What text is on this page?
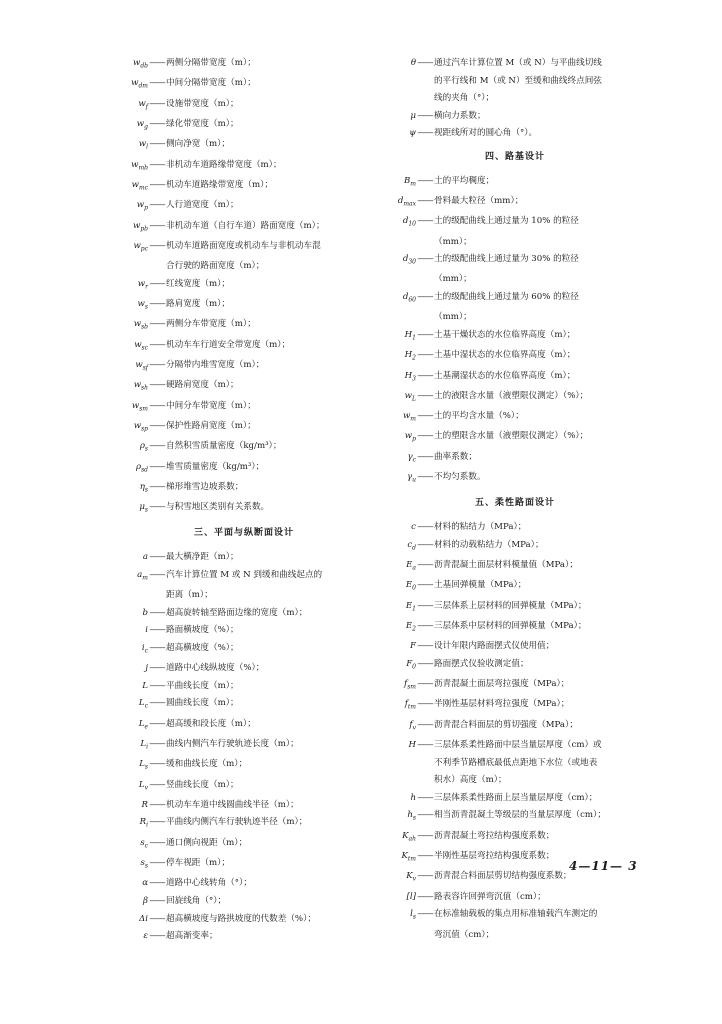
$w_{db}——$两侧分隔带宽度（m）；
$w_{dm}——$中间分隔带宽度（m）；
$w_f——$设施带宽度（m）；
$w_g——$绿化带宽度（m）；
$w_l——$侧向净宽（m）；
$w_{mb}——$非机动车道路缘带宽度（m）；
$w_{mc}——$机动车道路缘带宽度（m）；
$w_p——$人行道宽度（m）；
$w_{pb}——$非机动车道（自行车道）路面宽度（m）；
$w_{pc}——$机动车道路面宽度或机动车与非机动车混
合行驶的路面宽度（m）；
$w_r——$红线宽度（m）；
$w_s——$路肩宽度（m）；
$w_{sb}——$两侧分车带宽度（m）；
$w_{sc}——$机动车车行道安全带宽度（m）；
$w_{sf}——$分隔带内堆雪宽度（m）；
$w_{sh}——$硬路肩宽度（m）；
$w_{sm}——$中间分车带宽度（m）；
$w_{sp}——$保护性路肩宽度（m）；
$\rho_s——$自然积雪质量密度（kg/m³）；
$\rho_{sd}——$堆雪质量密度（kg/m³）；
$\eta_s——$梯形堆雪边坡系数；
$\mu_s——$与积雪地区类别有关系数。
三、平面与纵断面设计
a——最大横净距（m）；
$a_m——$汽车计算位置 M 或 N 到缓和曲线起点的
距离（m）；
b——超高旋转轴至路面边缘的宽度（m）；
i——路面横坡度（%）；
$i_c——$超高横坡度（%）；
j——道路中心线纵坡度（%）；
L——平曲线长度（m）；
$L_c——$圆曲线长度（m）；
$L_e——$超高缓和段长度（m）；
$L_i——$曲线内侧汽车行驶轨迹长度（m）；
$L_s——$缓和曲线长度（m）；
$L_v——$竖曲线长度（m）；
R——机动车车道中线圆曲线半径（m）；
$R_i——$平曲线内侧汽车行驶轨迹半径（m）；
$s_c——$通口侧向视距（m）；
$s_s——$停车视距（m）；
α——道路中心线转角（°）；
β——回旋线角（°）；
Δi——超高横坡度与路拱坡度的代数差（%）；
ε——超高渐变率；
θ——通过汽车计算位置 M（或 N）与平曲线切线
的平行线和 M（或 N）至缓和曲线终点间弦
线的夹角（°）；
μ——横向力系数；
ψ——视距线所对的圆心角（°）。
四、路基设计
$B_m——$土的平均稠度；
$d_{max}——$骨料最大粒径（mm）；
$d_{10}——$土的级配曲线上通过量为 10% 的粒径
（mm）；
$d_{30}——$土的级配曲线上通过量为 30% 的粒径
（mm）；
$d_{60}——$土的级配曲线上通过量为 60% 的粒径
（mm）；
$H_1——$土基干燥状态的水位临界高度（m）；
$H_2——$土基中湿状态的水位临界高度（m）；
$H_3——$土基潮湿状态的水位临界高度（m）；
$w_L——$土的液限含水量（液塑限仪测定）（%）；
$w_m——$土的平均含水量（%）；
$w_p——$土的塑限含水量（液塑限仪测定）（%）；
$\gamma_c——$曲率系数；
$\gamma_u——$不均匀系数。
五、柔性路面设计
c——材料的粘结力（MPa）；
$c_d——$材料的动载粘结力（MPa）；
$E_a——$沥青混凝土面层材料模量值（MPa）；
$E_0——$土基回弹模量（MPa）；
$E_1——$三层体系上层材料的回弹模量（MPa）；
$E_2——$三层体系中层材料的回弹模量（MPa）；
F——设计年限内路面摆式仪使用值；
$F_0——$路面摆式仪验收测定值；
$f_{sm}——$沥青混凝土面层弯拉强度（MPa）；
$f_{tm}——$半刚性基层材料弯拉强度（MPa）；
$f_v——$沥青混合料面层的剪切强度（MPa）；
H——三层体系柔性路面中层当量层厚度（cm）或
不利季节路槽底最低点距地下水位（或地表
积水）高度（m）；
h——三层体系柔性路面上层当量层厚度（cm）；
$h_s——$相当沥青混凝土等级层的当量层厚度（cm）；
$K_{ah}——$沥青混凝土弯拉结构强度系数；
$K_{tm}——$半刚性基层弯拉结构强度系数；
$K_v——$沥青混合料面层剪切结构强度系数；
[l]——路表容许回弹弯沉值（cm）；
$l_s——$在标准轴载板的集点用标准轴载汽车测定的
弯沉值（cm）；
4—11— 3
